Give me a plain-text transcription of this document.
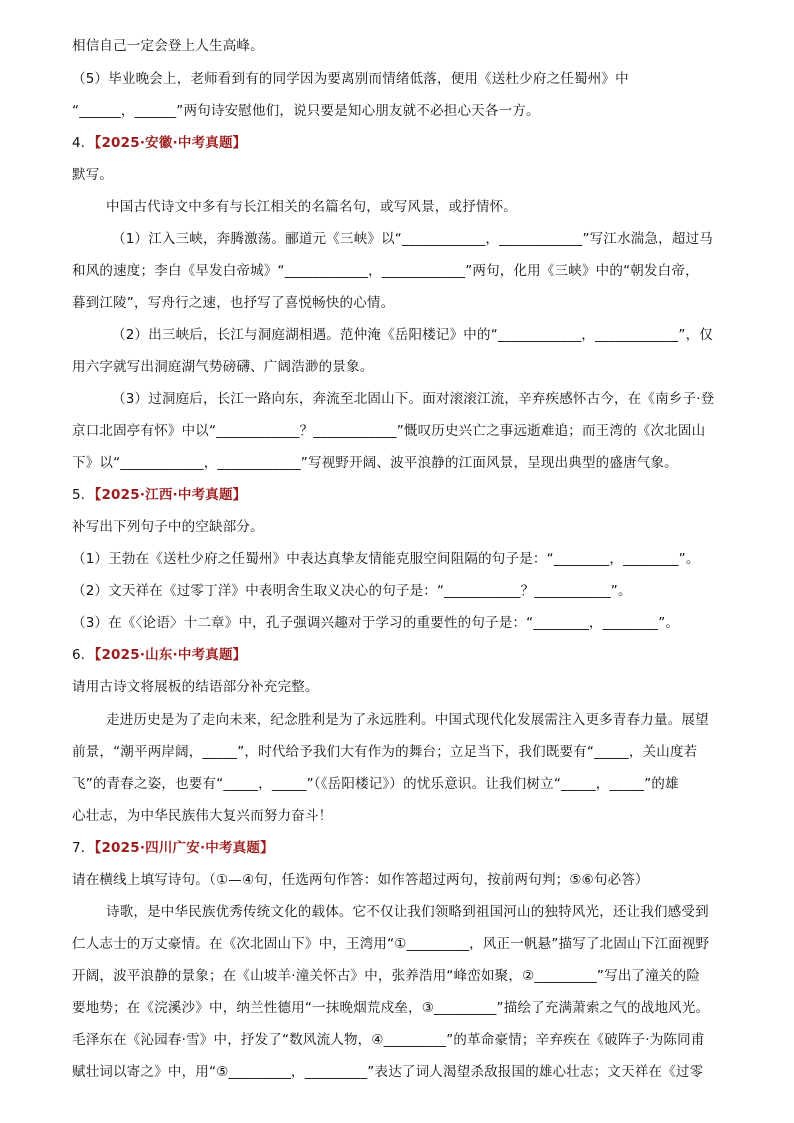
相信自己一定会登上人生高峰。
（5）毕业晚会上，老师看到有的同学因为要离别而情绪低落，便用《送杜少府之任蜀州》中
“______，______”两句诗安慰他们，说只要是知心朋友就不必担心天各一方。
4．【2025·安徽·中考真题】
默写。
中国古代诗文中多有与长江相关的名篇名句，或写风景，或抒情怀。
（1）江入三峡，奔腾激荡。郦道元《三峡》以“____________，____________”写江水湍急，超过马
和风的速度；李白《早发白帝城》“____________，____________”两句，化用《三峡》中的“朝发白帝，
暮到江陵”，写舟行之速，也抒写了喜悦畅快的心情。
（2）出三峡后，长江与洞庭湖相遇。范仲淹《岳阳楼记》中的“____________，____________”，仅
用六字就写出洞庭湖气势磅礴、广阔浩渺的景象。
（3）过洞庭后，长江一路向东，奔流至北固山下。面对滚滚江流，辛弃疾感怀古今，在《南乡子·登
京口北固亭有怀》中以“____________？____________”慨叹历史兴亡之事远逝难追；而王湾的《次北固山
下》以“____________，____________”写视野开阔、波平浪静的江面风景，呈现出典型的盛唐气象。
5．【2025·江西·中考真题】
补写出下列句子中的空缺部分。
（1）王勃在《送杜少府之任蜀州》中表达真挚友情能克服空间阻隔的句子是：“________，________”。
（2）文天祥在《过零丁洋》中表明舍生取义决心的句子是：“___________？___________”。
（3）在《〈论语〉十二章》中，孔子强调兴趣对于学习的重要性的句子是：“________，________”。
6．【2025·山东·中考真题】
请用古诗文将展板的结语部分补充完整。
走进历史是为了走向未来，纪念胜利是为了永远胜利。中国式现代化发展需注入更多青春力量。展望
前景，“潮平两岸阔，_____”，时代给予我们大有作为的舞台；立足当下，我们既要有“_____，关山度若
飞”的青春之姿，也要有“_____，_____”（《岳阳楼记》）的忧乐意识。让我们树立“_____，_____”的雄
心壮志，为中华民族伟大复兴而努力奋斗！
7．【2025·四川广安·中考真题】
请在横线上填写诗句。（①—④句，任选两句作答：如作答超过两句，按前两句判；⑤⑥句必答）
诗歌，是中华民族优秀传统文化的载体。它不仅让我们领略到祖国河山的独特风光，还让我们感受到
仁人志士的万丈豪情。在《次北固山下》中，王湾用“①_________，风正一帆悬”描写了北固山下江面视野
开阔，波平浪静的景象；在《山坡羊·潼关怀古》中，张养浩用“峰峦如聚，②_________”写出了潼关的险
要地势；在《浣溪沙》中，纳兰性德用“一抹晚烟荒戍垒，③_________”描绘了充满萧索之气的战地风光。
毛泽东在《沁园春·雪》中，抒发了“数风流人物，④_________”的革命豪情；辛弃疾在《破阵子·为陈同甫
赋壮词以寄之》中，用“⑤_________，_________”表达了词人渴望杀敌报国的雄心壮志；文天祥在《过零
